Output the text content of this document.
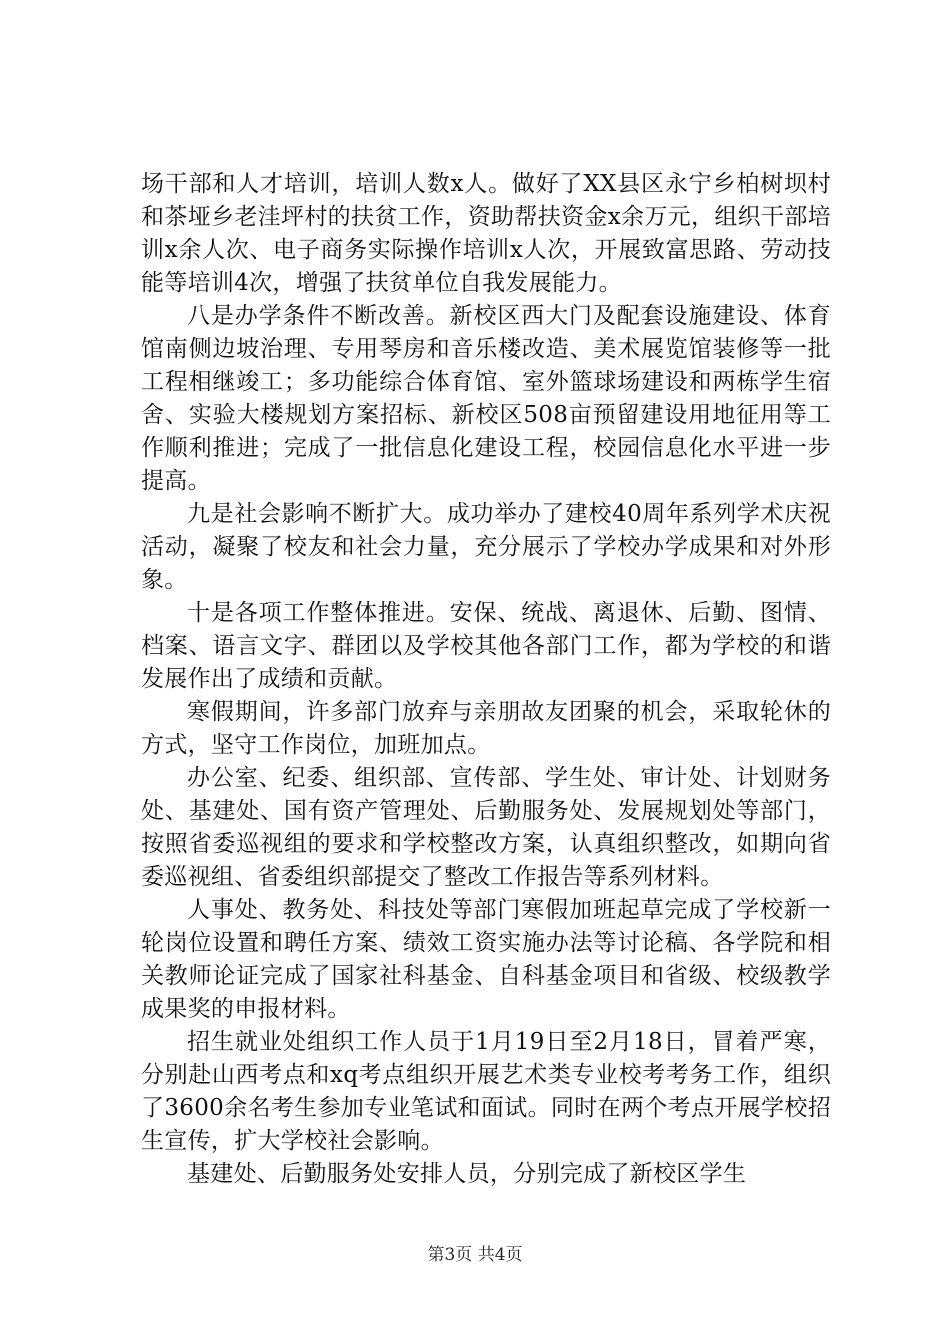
场干部和人才培训，培训人数x人。做好了XX县区永宁乡柏树坝村和茶垭乡老洼坪村的扶贫工作，资助帮扶资金x余万元，组织干部培训x余人次、电子商务实际操作培训x人次，开展致富思路、劳动技能等培训4次，增强了扶贫单位自我发展能力。

八是办学条件不断改善。新校区西大门及配套设施建设、体育馆南侧边坡治理、专用琴房和音乐楼改造、美术展览馆装修等一批工程相继竣工；多功能综合体育馆、室外篮球场建设和两栋学生宿舍、实验大楼规划方案招标、新校区508亩预留建设用地征用等工作顺利推进；完成了一批信息化建设工程，校园信息化水平进一步提高。

九是社会影响不断扩大。成功举办了建校40周年系列学术庆祝活动，凝聚了校友和社会力量，充分展示了学校办学成果和对外形象。

十是各项工作整体推进。安保、统战、离退休、后勤、图情、档案、语言文字、群团以及学校其他各部门工作，都为学校的和谐发展作出了成绩和贡献。

寒假期间，许多部门放弃与亲朋故友团聚的机会，采取轮休的方式，坚守工作岗位，加班加点。

办公室、纪委、组织部、宣传部、学生处、审计处、计划财务处、基建处、国有资产管理处、后勤服务处、发展规划处等部门，按照省委巡视组的要求和学校整改方案，认真组织整改，如期向省委巡视组、省委组织部提交了整改工作报告等系列材料。

人事处、教务处、科技处等部门寒假加班起草完成了学校新一轮岗位设置和聘任方案、绩效工资实施办法等讨论稿、各学院和相关教师论证完成了国家社科基金、自科基金项目和省级、校级教学成果奖的申报材料。

招生就业处组织工作人员于1月19日至2月18日，冒着严寒，分别赴山西考点和xq考点组织开展艺术类专业校考考务工作，组织了3600余名考生参加专业笔试和面试。同时在两个考点开展学校招生宣传，扩大学校社会影响。

基建处、后勤服务处安排人员，分别完成了新校区学生

第3页 共4页
